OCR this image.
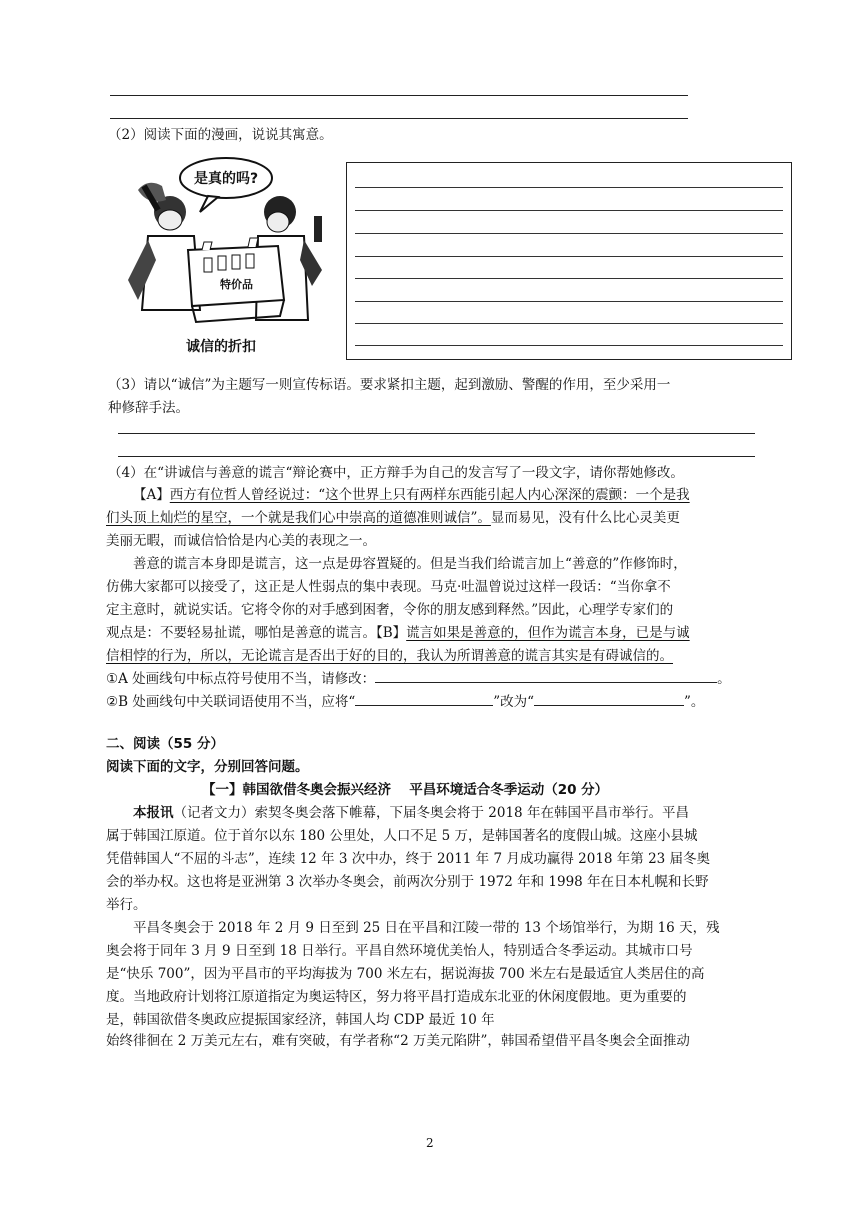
（2）阅读下面的漫画，说说其寓意。
是真的吗?
特价品
诚信的折扣
（3）请以“诚信”为主题写一则宣传标语。要求紧扣主题，起到激励、警醒的作用，至少采用一
种修辞手法。
（4）在“讲诚信与善意的谎言“辩论赛中，正方辩手为自己的发言写了一段文字，请你帮她修改。
【A】西方有位哲人曾经说过：“这个世界上只有两样东西能引起人内心深深的震颤：一个是我
们头顶上灿烂的星空，一个就是我们心中崇高的道德准则诚信”。显而易见，没有什么比心灵美更
美丽无暇，而诚信恰恰是内心美的表现之一。
善意的谎言本身即是谎言，这一点是毋容置疑的。但是当我们给谎言加上“善意的”作修饰时，
仿佛大家都可以接受了，这正是人性弱点的集中表现。马克·吐温曾说过这样一段话：“当你拿不
定主意时，就说实话。它将令你的对手感到困奢，令你的朋友感到释然。”因此，心理学专家们的
观点是：不要轻易扯谎，哪怕是善意的谎言。【B】谎言如果是善意的，但作为谎言本身，已是与诚
信相悖的行为，所以，无论谎言是否出于好的目的，我认为所谓善意的谎言其实是有碍诚信的。
①A 处画线句中标点符号使用不当，请修改：	。
②B 处画线句中关联词语使用不当，应将“	”改为“	”。
二、阅读（55 分）
阅读下面的文字，分别回答问题。
【一】韩国欲借冬奥会振兴经济　 平昌环境适合冬季运动（20 分）
本报讯（记者文力）索契冬奥会落下帷幕，下届冬奥会将于 2018 年在韩国平昌市举行。平昌
属于韩国江原道。位于首尔以东 180 公里处，人口不足 5 万，是韩国著名的度假山城。这座小县城
凭借韩国人“不屈的斗志”，连续 12 年 3 次中办，终于 2011 年 7 月成功赢得 2018 年第 23 届冬奥
会的举办权。这也将是亚洲第 3 次举办冬奥会，前两次分别于 1972 年和 1998 年在日本札幌和长野
举行。
平昌冬奥会于 2018 年 2 月 9 日至到 25 日在平昌和江陵一带的 13 个场馆举行，为期 16 天，残
奥会将于同年 3 月 9 日至到 18 日举行。平昌自然环境优美怡人，特别适合冬季运动。其城市口号
是“快乐 700”，因为平昌市的平均海拔为 700 米左右，据说海拔 700 米左右是最适宜人类居住的高
度。当地政府计划将江原道指定为奥运特区，努力将平昌打造成东北亚的休闲度假地。更为重要的
是，韩国欲借冬奥政应提振国家经济，韩国人均 CDP 最近 10 年
始终徘徊在 2 万美元左右，难有突破，有学者称“2 万美元陷阱”，韩国希望借平昌冬奥会全面推动
2
